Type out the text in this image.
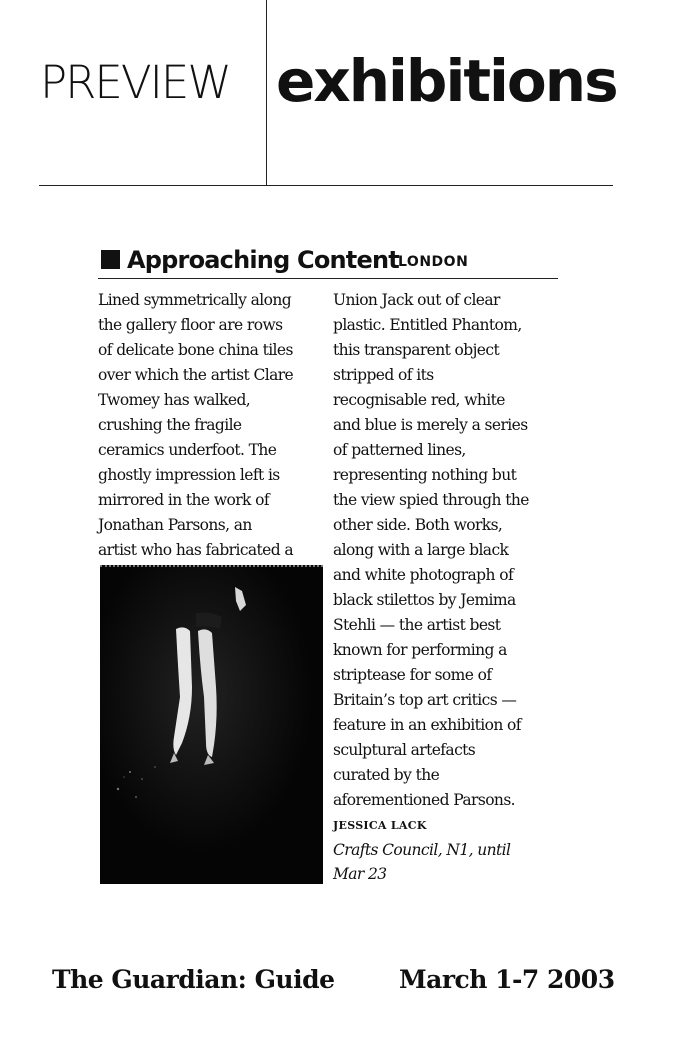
PREVIEW exhibitions
Approaching Content LONDON
Lined symmetrically along
the gallery floor are rows
of delicate bone china tiles
over which the artist Clare
Twomey has walked,
crushing the fragile
ceramics underfoot. The
ghostly impression left is
mirrored in the work of
Jonathan Parsons, an
artist who has fabricated a
Union Jack out of clear
plastic. Entitled Phantom,
this transparent object
stripped of its
recognisable red, white
and blue is merely a series
of patterned lines,
representing nothing but
the view spied through the
other side. Both works,
along with a large black
and white photograph of
black stilettos by Jemima
Stehli — the artist best
known for performing a
striptease for some of
Britain’s top art critics —
feature in an exhibition of
sculptural artefacts
curated by the
aforementioned Parsons.
JESSICA LACK
Crafts Council, N1, until
Mar 23
The Guardian: Guide	March 1-7 2003
